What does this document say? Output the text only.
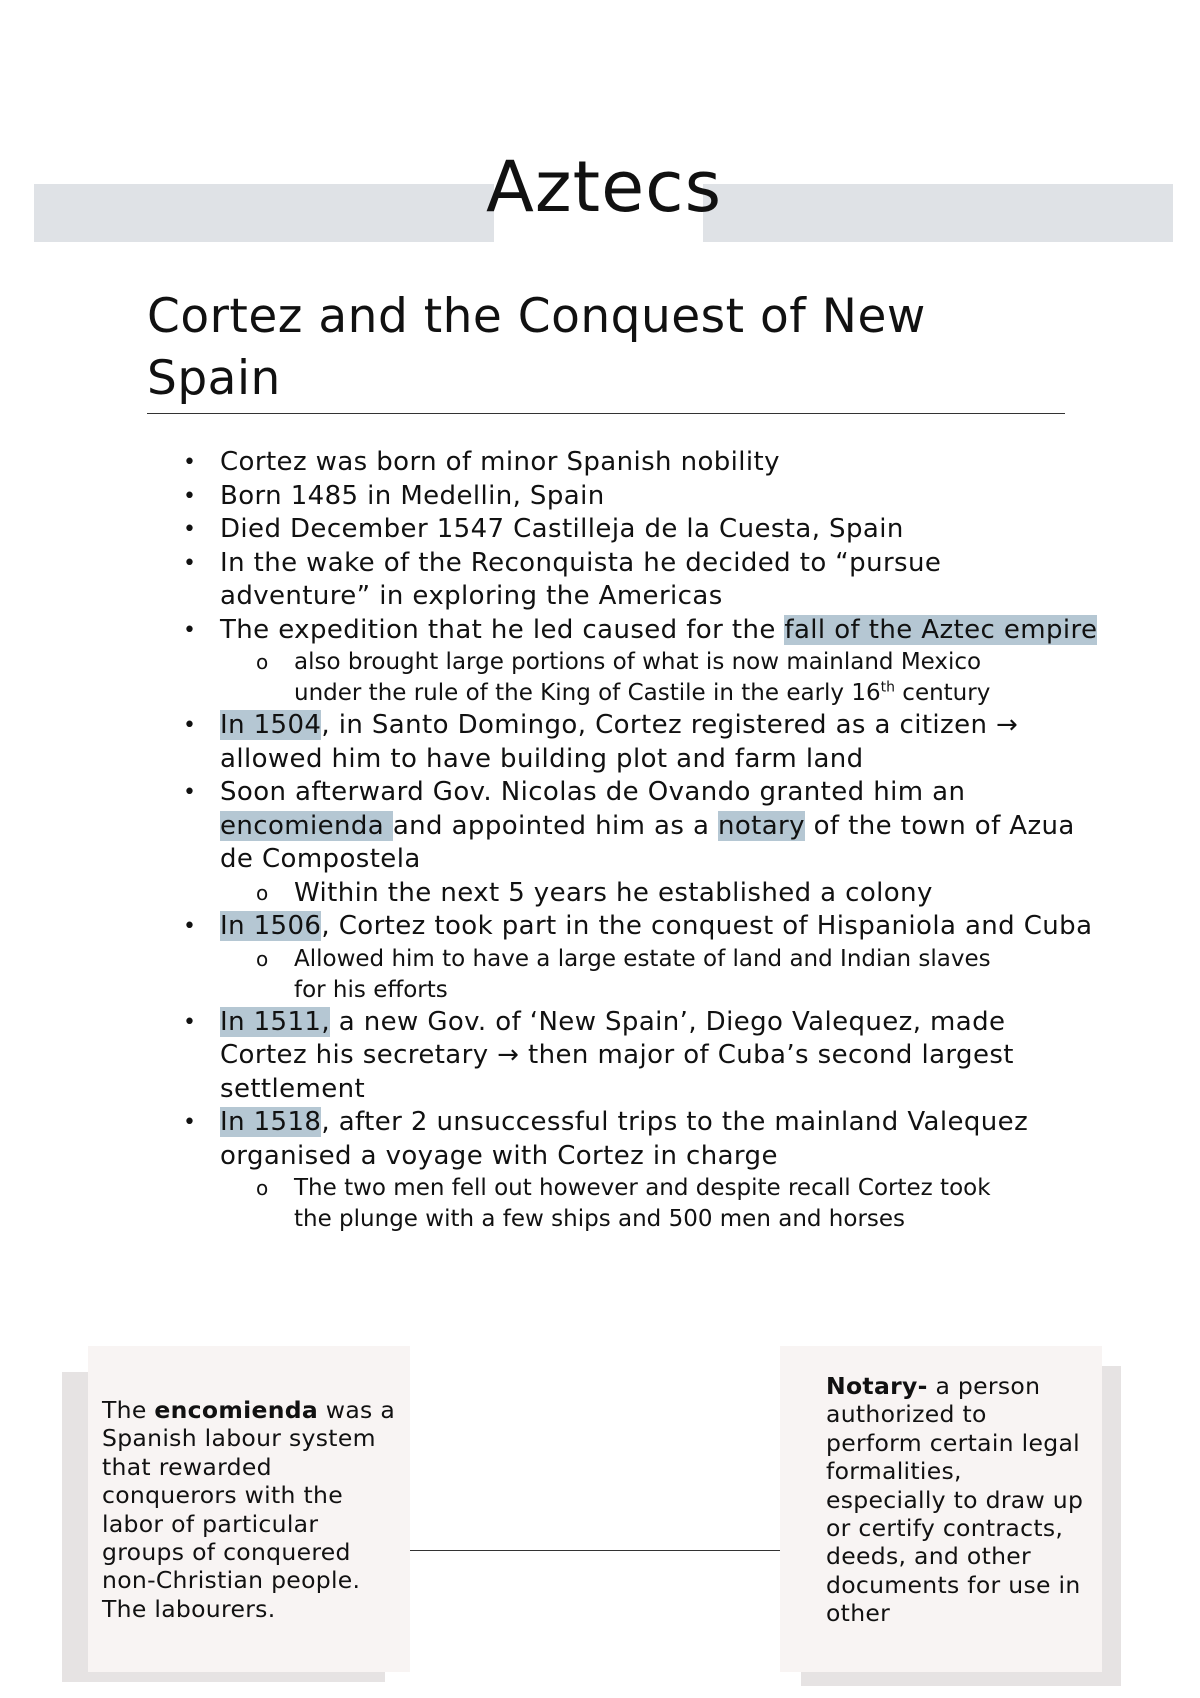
Aztecs
Cortez and the Conquest of New Spain
• Cortez was born of minor Spanish nobility
• Born 1485 in Medellin, Spain
• Died December 1547 Castilleja de la Cuesta, Spain
• In the wake of the Reconquista he decided to “pursue adventure” in exploring the Americas
• The expedition that he led caused for the fall of the Aztec empire
o also brought large portions of what is now mainland Mexico under the rule of the King of Castile in the early 16th century
• In 1504, in Santo Domingo, Cortez registered as a citizen → allowed him to have building plot and farm land
• Soon afterward Gov. Nicolas de Ovando granted him an encomienda and appointed him as a notary of the town of Azua de Compostela
o Within the next 5 years he established a colony
• In 1506, Cortez took part in the conquest of Hispaniola and Cuba
o Allowed him to have a large estate of land and Indian slaves for his efforts
• In 1511, a new Gov. of ‘New Spain’, Diego Valequez, made Cortez his secretary → then major of Cuba’s second largest settlement
• In 1518, after 2 unsuccessful trips to the mainland Valequez organised a voyage with Cortez in charge
o The two men fell out however and despite recall Cortez took the plunge with a few ships and 500 men and horses
The encomienda was a Spanish labour system that rewarded conquerors with the labor of particular groups of conquered non-Christian people. The labourers.
Notary- a person authorized to perform certain legal formalities, especially to draw up or certify contracts, deeds, and other documents for use in other
